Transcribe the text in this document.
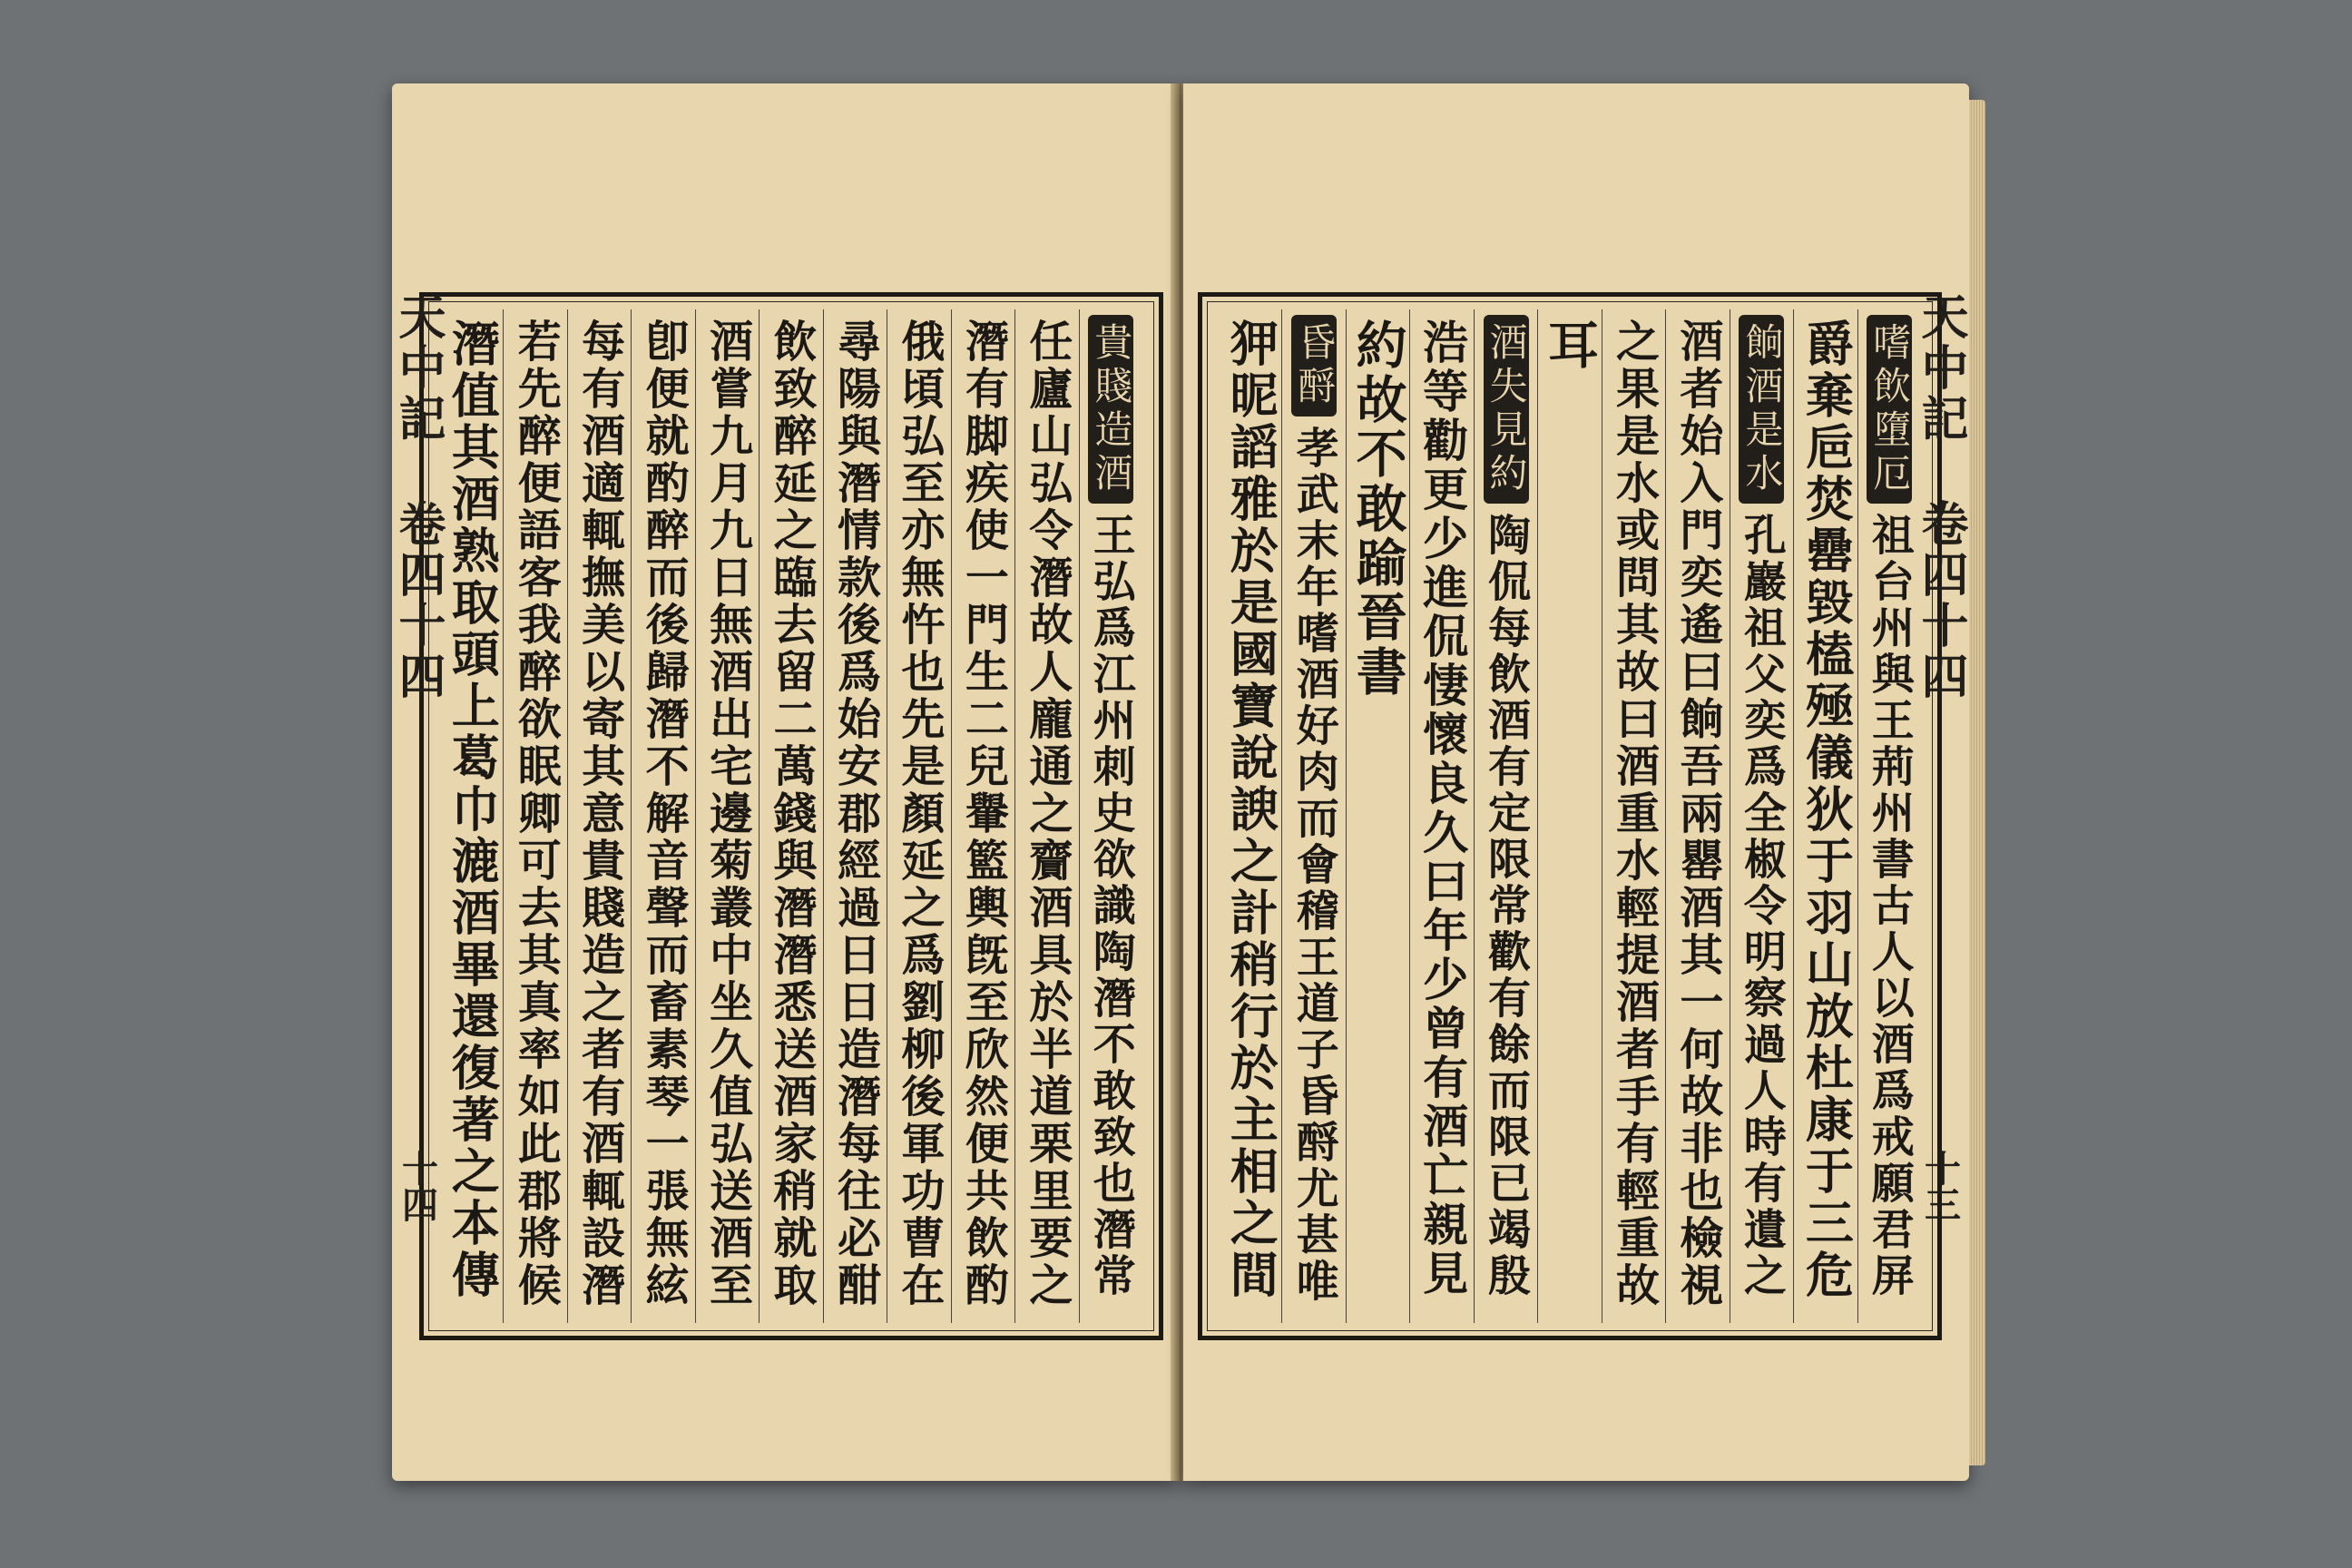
貴賤造酒
王弘爲江州刺史欲識陶潛不敢致也潛常
任廬山弘令潛故人龐通之齎酒具於半道栗里要之
潛有脚疾使一門生二兒轝籃輿旣至欣然便共飲酌
俄頃弘至亦無忤也先是顏延之爲劉柳後軍功曹在
尋陽與潛情款後爲始安郡經過日日造潛每往必酣
飲致醉延之臨去留二萬錢與潛潛悉送酒家稍就取
酒嘗九月九日無酒出宅邊菊叢中坐久值弘送酒至
卽便就酌醉而後歸潛不解音聲而畜素琴一張無絃
每有酒適輒撫美以寄其意貴賤造之者有酒輒設潛
若先醉便語客我醉欲眠卿可去其真率如此郡將候
潛值其酒熟取頭上葛巾漉酒畢還復著之本傳	嗜飲墮厄
祖台州與王荊州書古人以酒爲戒願君屏
爵棄巵焚罍毀榼殛儀狄于羽山放杜康于三危
餉酒是水
孔巖祖父奕爲全椒令明察過人時有遺之
酒者始入門奕遙曰餉吾兩罌酒其一何故非也檢視
之果是水或問其故曰酒重水輕提酒者手有輕重故
耳
酒失見約
陶侃每飲酒有定限常歡有餘而限已竭殷
浩等勸更少進侃悽懷良久曰年少曾有酒亡親見
約故不敢踰晉書
昏酹
孝武末年嗜酒好肉而會稽王道子昏酹尤甚唯
狎昵謟雅於是國寶說諛之計稍行於主相之間
天中記
卷四十四
十四
天中記
卷四十四
十三
